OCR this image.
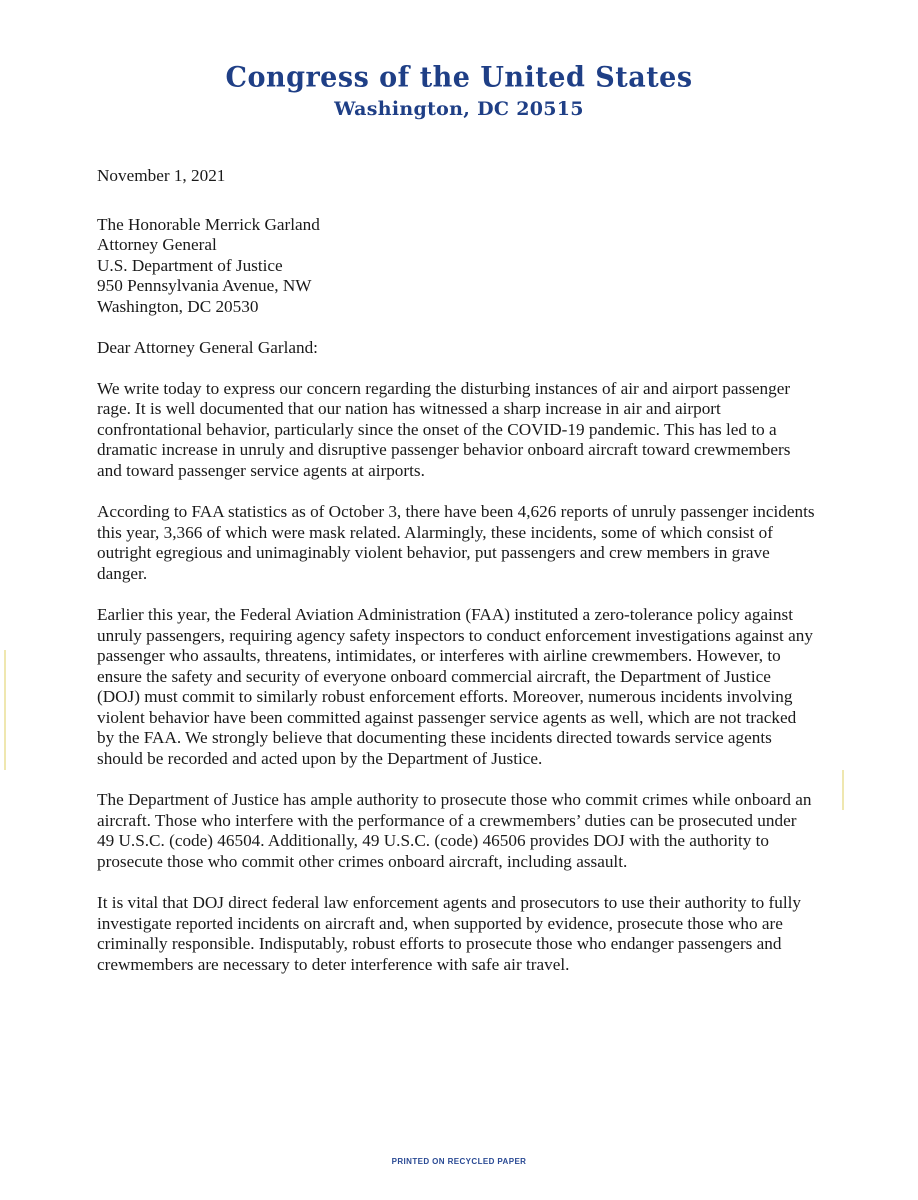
Congress of the United States
Washington, DC 20515

November 1, 2021

The Honorable Merrick Garland
Attorney General
U.S. Department of Justice
950 Pennsylvania Avenue, NW
Washington, DC 20530

Dear Attorney General Garland:

We write today to express our concern regarding the disturbing instances of air and airport passenger rage. It is well documented that our nation has witnessed a sharp increase in air and airport confrontational behavior, particularly since the onset of the COVID-19 pandemic. This has led to a dramatic increase in unruly and disruptive passenger behavior onboard aircraft toward crewmembers and toward passenger service agents at airports.

According to FAA statistics as of October 3, there have been 4,626 reports of unruly passenger incidents this year, 3,366 of which were mask related. Alarmingly, these incidents, some of which consist of outright egregious and unimaginably violent behavior, put passengers and crew members in grave danger.

Earlier this year, the Federal Aviation Administration (FAA) instituted a zero-tolerance policy against unruly passengers, requiring agency safety inspectors to conduct enforcement investigations against any passenger who assaults, threatens, intimidates, or interferes with airline crewmembers. However, to ensure the safety and security of everyone onboard commercial aircraft, the Department of Justice (DOJ) must commit to similarly robust enforcement efforts. Moreover, numerous incidents involving violent behavior have been committed against passenger service agents as well, which are not tracked by the FAA. We strongly believe that documenting these incidents directed towards service agents should be recorded and acted upon by the Department of Justice.

The Department of Justice has ample authority to prosecute those who commit crimes while onboard an aircraft. Those who interfere with the performance of a crewmembers’ duties can be prosecuted under 49 U.S.C. (code) 46504. Additionally, 49 U.S.C. (code) 46506 provides DOJ with the authority to prosecute those who commit other crimes onboard aircraft, including assault.

It is vital that DOJ direct federal law enforcement agents and prosecutors to use their authority to fully investigate reported incidents on aircraft and, when supported by evidence, prosecute those who are criminally responsible. Indisputably, robust efforts to prosecute those who endanger passengers and crewmembers are necessary to deter interference with safe air travel.

PRINTED ON RECYCLED PAPER
